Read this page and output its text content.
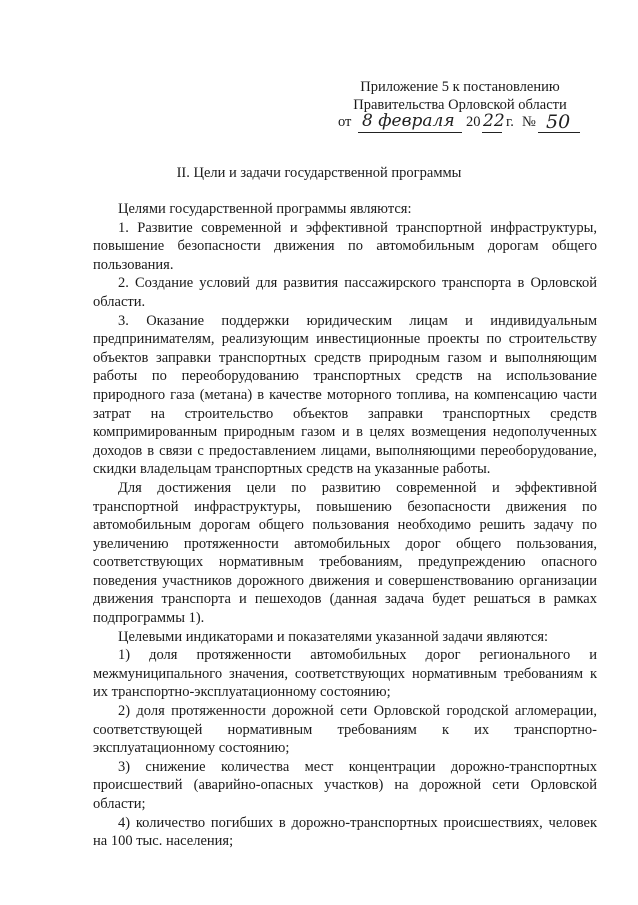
Приложение 5 к постановлению
Правительства Орловской области
от 8 февраля 20 22 г. № 50
II. Цели и задачи государственной программы

Целями государственной программы являются:

1. Развитие современной и эффективной транспортной инфраструктуры, повышение безопасности движения по автомобильным дорогам общего пользования.

2. Создание условий для развития пассажирского транспорта в Орловской области.

3. Оказание поддержки юридическим лицам и индивидуальным предпринимателям, реализующим инвестиционные проекты по строительству объектов заправки транспортных средств природным газом и выполняющим работы по переоборудованию транспортных средств на использование природного газа (метана) в качестве моторного топлива, на компенсацию части затрат на строительство объектов заправки транспортных средств компримированным природным газом и в целях возмещения недополученных доходов в связи с предоставлением лицами, выполняющими переоборудование, скидки владельцам транспортных средств на указанные работы.

Для достижения цели по развитию современной и эффективной транспортной инфраструктуры, повышению безопасности движения по автомобильным дорогам общего пользования необходимо решить задачу по увеличению протяженности автомобильных дорог общего пользования, соответствующих нормативным требованиям, предупреждению опасного поведения участников дорожного движения и совершенствованию организации движения транспорта и пешеходов (данная задача будет решаться в рамках подпрограммы 1).

Целевыми индикаторами и показателями указанной задачи являются:

1) доля протяженности автомобильных дорог регионального и межмуниципального значения, соответствующих нормативным требованиям к их транспортно-эксплуатационному состоянию;

2) доля протяженности дорожной сети Орловской городской агломерации, соответствующей нормативным требованиям к их транспортно-эксплуатационному состоянию;

3) снижение количества мест концентрации дорожно-транспортных происшествий (аварийно-опасных участков) на дорожной сети Орловской области;

4) количество погибших в дорожно-транспортных происшествиях, человек на 100 тыс. населения;
